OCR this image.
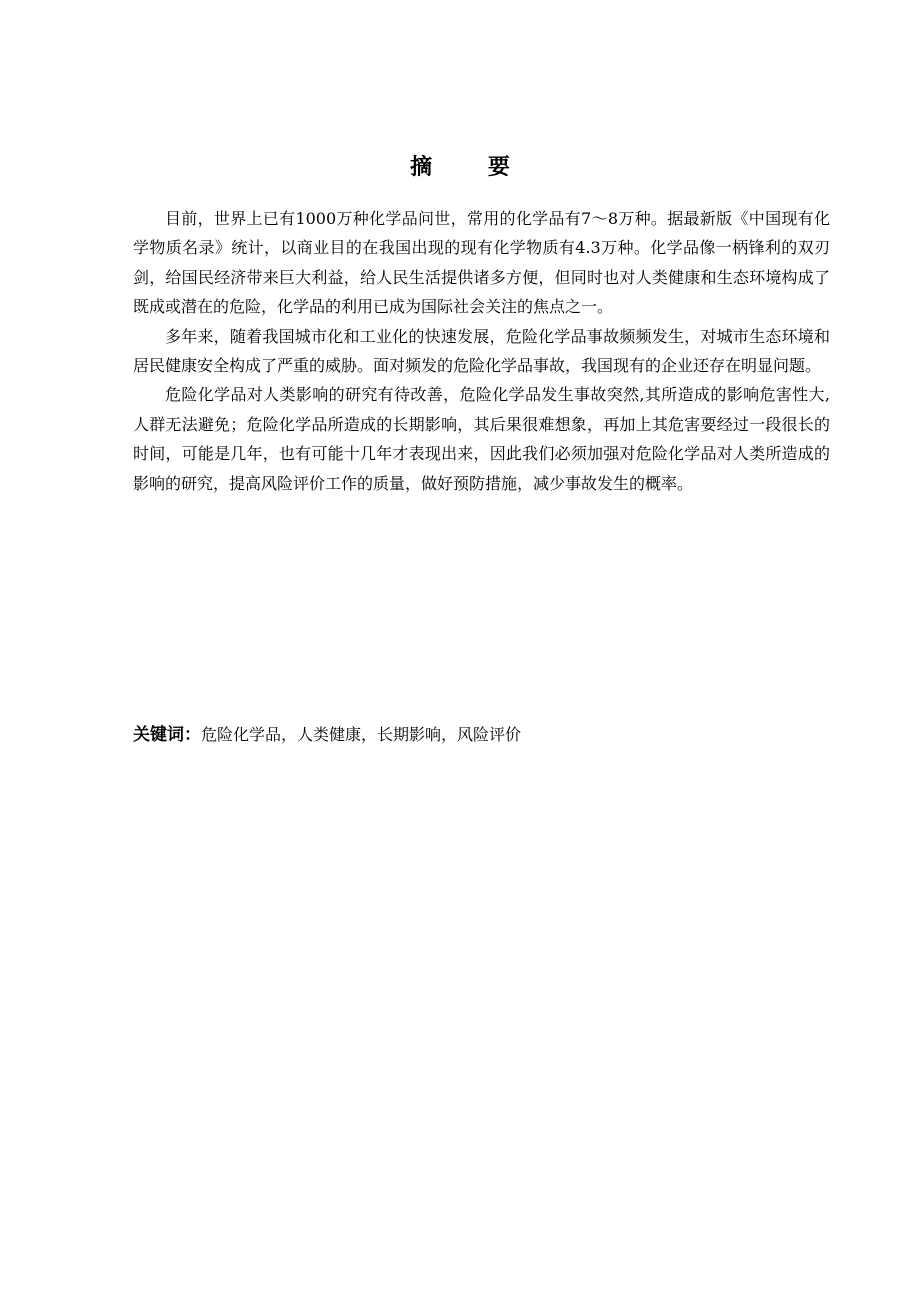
摘 要

目前，世界上已有1000万种化学品问世，常用的化学品有7～8万种。据最新版《中国现有化学物质名录》统计，以商业目的在我国出现的现有化学物质有4.3万种。化学品像一柄锋利的双刃剑，给国民经济带来巨大利益，给人民生活提供诸多方便，但同时也对人类健康和生态环境构成了既成或潜在的危险，化学品的利用已成为国际社会关注的焦点之一。

多年来，随着我国城市化和工业化的快速发展，危险化学品事故频频发生，对城市生态环境和居民健康安全构成了严重的威胁。面对频发的危险化学品事故，我国现有的企业还存在明显问题。

危险化学品对人类影响的研究有待改善，危险化学品发生事故突然,其所造成的影响危害性大,人群无法避免；危险化学品所造成的长期影响，其后果很难想象，再加上其危害要经过一段很长的时间，可能是几年，也有可能十几年才表现出来，因此我们必须加强对危险化学品对人类所造成的影响的研究，提高风险评价工作的质量，做好预防措施，减少事故发生的概率。

关键词：危险化学品，人类健康，长期影响，风险评价
